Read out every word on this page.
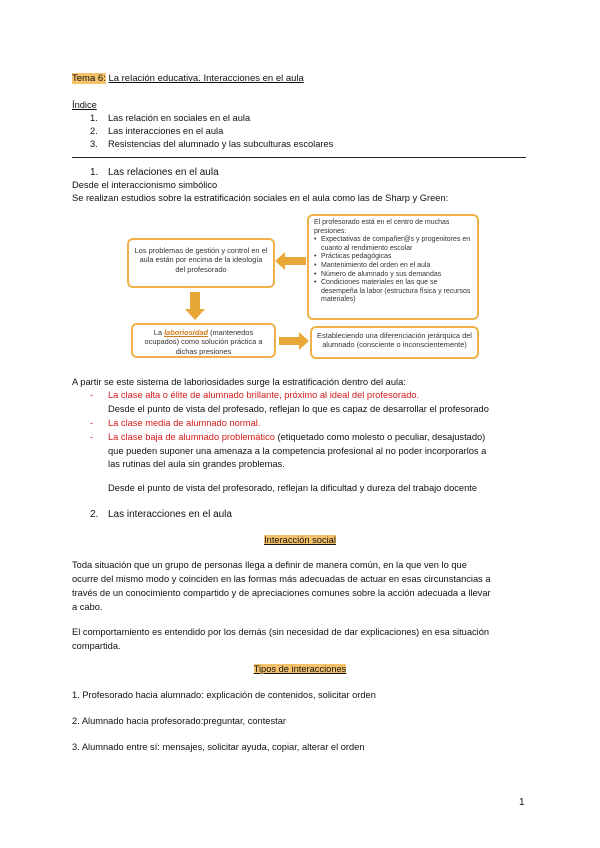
Tema 6: La relación educativa. Interacciones en el aula
Índice
1. Las relación en sociales en el aula
2. Las interacciones en el aula
3. Resistencias del alumnado y las subculturas escolares
1. Las relaciones en el aula
Desde el interaccionismo simbólico
Se realizan estudios sobre la estratificación sociales en el aula como las de Sharp y Green:
Los problemas de gestión y control en el aula están por encima de la ideología del profesorado
El profesorado está en el centro de muchas presiones:
• Expectativas de compañer@s y progenitores en cuanto al rendimiento escolar
• Prácticas pedagógicas
• Mantenimiento del orden en el aula
• Número de alumnado y sus demandas
• Condiciones materiales en las que se desempeña la labor (estructura física y recursos materiales)
La laboriosidad (mantenedos ocupados) como solución práctica a dichas presiones
Estableciendo una diferenciación jerárquica del alumnado (consciente o inconscientemente)
A partir se este sistema de laboriosidades surge la estratificación dentro del aula:
- La clase alta o élite de alumnado brillante, próximo al ideal del profesorado.
Desde el punto de vista del profesado, reflejan lo que es capaz de desarrollar el profesorado
- La clase media de alumnado normal.
- La clase baja de alumnado problemático (etiquetado como molesto o peculiar, desajustado)
que pueden suponer una amenaza a la competencia profesional al no poder incorporarlos a
las rutinas del aula sin grandes problemas.
Desde el punto de vista del profesorado, reflejan la dificultad y dureza del trabajo docente
2. Las interacciones en el aula
Interacción social
Toda situación que un grupo de personas llega a definir de manera común, en la que ven lo que
ocurre del mismo modo y coinciden en las formas más adecuadas de actuar en esas circunstancias a
través de un conocimiento compartido y de apreciaciones comunes sobre la acción adecuada a llevar
a cabo.
El comportamiento es entendido por los demás (sin necesidad de dar explicaciones) en esa situación
compartida.
Tipos de interacciones
1. Profesorado hacia alumnado: explicación de contenidos, solicitar orden
2. Alumnado hacia profesorado:preguntar, contestar
3. Alumnado entre sí: mensajes, solicitar ayuda, copiar, alterar el orden
1
